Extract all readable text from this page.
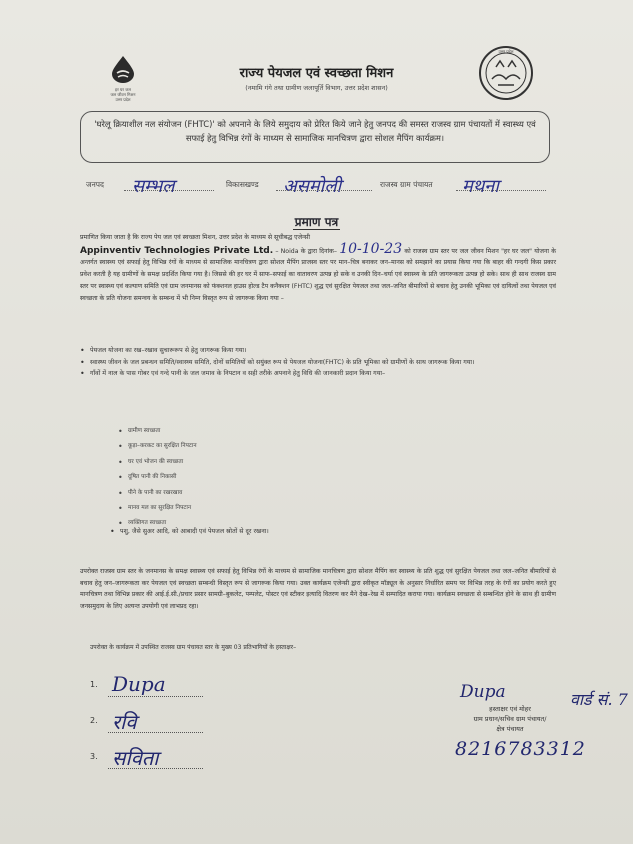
हर घर जल
जल जीवन मिशन
उत्तर प्रदेश
राज्य पेयजल एवं स्वच्छता मिशन
(नमामि गंगे तथा ग्रामीण जलापूर्ति विभाग, उत्तर प्रदेश शासन)
उत्तर प्रदेश
'घरेलू क्रियाशील नल संयोजन (FHTC)' को अपनाने के लिये समुदाय को प्रेरित किये जाने हेतु जनपद की समस्त राजस्व ग्राम पंचायतों में स्वास्थ्य एवं सफाई हेतु विभिन्न रंगों के माध्यम से सामाजिक मानचित्रण द्वारा सोशल मैपिंग कार्यक्रम।
जनपद सम्भल	विकासखण्ड असमोली	राजस्व ग्राम पंचायत मथना
प्रमाण पत्र
प्रमाणित किया जाता है कि राज्य पेय जल एवं स्वच्छता मिशन, उत्तर प्रदेश के माध्यम से सूचीबद्ध एजेन्सी
Appinventiv Technologies Private Ltd. – Noida के द्वारा दिनांक– 10-10-23 को राजस्व ग्राम स्तर पर जल जीवन मिशन "हर घर जल" योजना के अन्तर्गत स्वास्थ्य एवं सफाई हेतु विभिन्न रंगों के माध्यम से सामाजिक मानचित्रण द्वारा सोशल मैपिंग प्राजस्व स्तर पर मान–चित्र बनाकर जन–मानस को समझाने का प्रयास किया गया कि बाहर की गन्दगी किस प्रकार प्रवेश करती है यह ग्रामीणों के समक्ष प्रदर्शित किया गया है। जिससे की हर घर में साफ–सफाई का वातावरण उत्पन्न हो सके व उनकी दिन–चर्या एवं स्वास्थ्य के प्रति जागरूकता उत्पन्न हो सके। साथ ही साथ राजस्व ग्राम स्तर पर स्वास्थ्य एवं कल्याण समिति एवं ग्राम जनमानस को फंक्शनल हाउस होल्ड टैप कनैक्शन (FHTC) शुद्ध एवं सुरक्षित पेयजल तथा जल–जनित बीमारियों से बचाव हेतु उनकी भूमिका एवं दायित्वों तथा पेयजल एवं स्वच्छता के प्रति योजना समन्वय के सम्बन्ध में भी निम्न विस्तृत रूप से जागरूक किया गया –
• पेयजल योजना का रख–रखाव सुचारूरूप से हेतु जागरूक किया गया।
• स्वास्थ्य जीवन के जल प्रबन्धन समिति/स्वास्थ्य समिति, दोनों समितियों को सयुंक्त रूप से पेयजल योजना(FHTC) के प्रति भूमिका को ग्रामीणों के साथ जागरूक किया गया।
• गाँवों में नाल के पास गोबर एवं गन्दे पानी के जल जमाव के निपटान व सही तरीके अपनाने हेतु विधि की जानकारी प्रदान किया गया–
• ग्रामीण स्वच्छता
• कूड़ा–करकट का सुरक्षित निपटान
• घर एवं भोजन की स्वच्छता
• दूषित पानी की निकासी
• पीने के पानी का रखरखाव
• मानव मल का सुरक्षित निपटान
• व्यक्तिगत स्वच्छता
• पशु, जैसे सुअर आदि, को आबादी एवं पेयजल स्रोतों से दूर रखना।
उपरोक्त राजस्व ग्राम स्तर के जनमानस के समक्ष स्वास्थ्य एवं सफाई हेतु विभिन्न रंगों के माध्यम से सामाजिक मानचित्रण द्वारा सोशल मैपिंग कर स्वास्थ्य के प्रति शुद्ध एवं सुरक्षित पेयजल तथा जल–जनित बीमारियों से बचाव हेतु जन–जागरूकता कर पेयजल एवं स्वच्छता सम्बन्धी विस्तृत रूप से जागरूक किया गया। उक्त कार्यक्रम एजेन्सी द्वारा स्वीकृत मॉड्यूल के अनुसार निर्धारित समय पर विभिन्न तरह के रंगों का प्रयोग करते हुए मानचित्रण तथा विभिन्न प्रकार की आई.ई.सी./प्रचार प्रसार सामग्री–बुकलेट, पम्पलेट, पोस्टर एवं स्टीकर इत्यादि वितरण कर मैने देख–रेख में सम्पादित कराया गया। कार्यक्रम स्वच्छता से सम्बन्धित होने के साथ ही ग्रामीण जनसमुदाय के लिए अत्यन्त उपयोगी एवं लाभप्रद रहा।
उपरोक्त के कार्यक्रम में उपस्थित राजस्व ग्राम पंचायत स्तर के मुख्य 03 प्रतिभागियों के हस्ताक्षर–
1. Dupa
2. रवि
3. सविता
Dupa	वार्ड सं. 7
हस्ताक्षर एवं मोहर
ग्राम प्रधान/सचिव ग्राम पंचायत/
क्षेत्र पंचायत
8216783312
